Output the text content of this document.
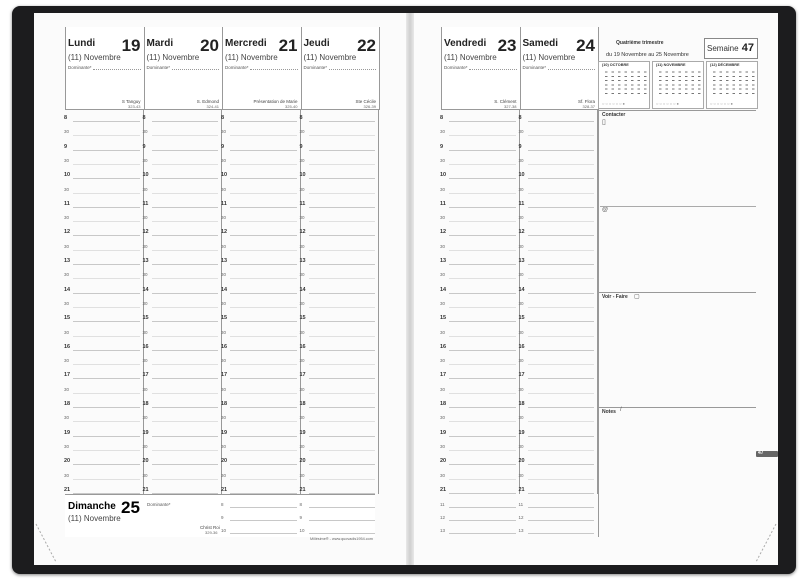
Lundi 19
(11) Novembre
Dominante*
S Tanguy
323-43
Mardi 20
(11) Novembre
Dominante*
S. Edmond
324-41
Mercredi 21
(11) Novembre
Dominante*
Présentation de Marie
325-40
Jeudi 22
(11) Novembre
Dominante*
Ste Cécile
326-39
Vendredi 23
(11) Novembre
Dominante*
S. Clément
327-38
Samedi 24
(11) Novembre
Dominante*
Sf. Flora
328-37
8
30
9
30
10
30
11
30
12
30
13
30
14
30
15
30
16
30
17
30
18
30
19
30
20
30
21
8
30
9
30
10
30
11
30
12
30
13
30
14
30
15
30
16
30
17
30
18
30
19
30
20
30
21
8
30
9
30
10
30
11
30
12
30
13
30
14
30
15
30
16
30
17
30
18
30
19
30
20
30
21
8
30
9
30
10
30
11
30
12
30
13
30
14
30
15
30
16
30
17
30
18
30
19
30
20
30
21
8
30
9
30
10
30
11
30
12
30
13
30
14
30
15
30
16
30
17
30
18
30
19
30
20
30
21
8
30
9
30
10
30
11
30
12
30
13
30
14
30
15
30
16
30
17
30
18
30
19
30
20
30
21
Dimanche 25
(11) Novembre
Dominante*
Christ Roi
329-36
8
9
10
8
9
10
11
12
13
11
12
13
Millésime® - www.quovadis1954.com
Quatrième trimestre
du 19 Novembre au 25 Novembre
Semaine 47
(10) OCTOBRE
○○○○○○●
(11) NOVEMBRE
○○○○○○●
(12) DÉCEMBRE
○○○○○○●
Contacter
▯
@
Voir - Faire ▢
Notes /
47
